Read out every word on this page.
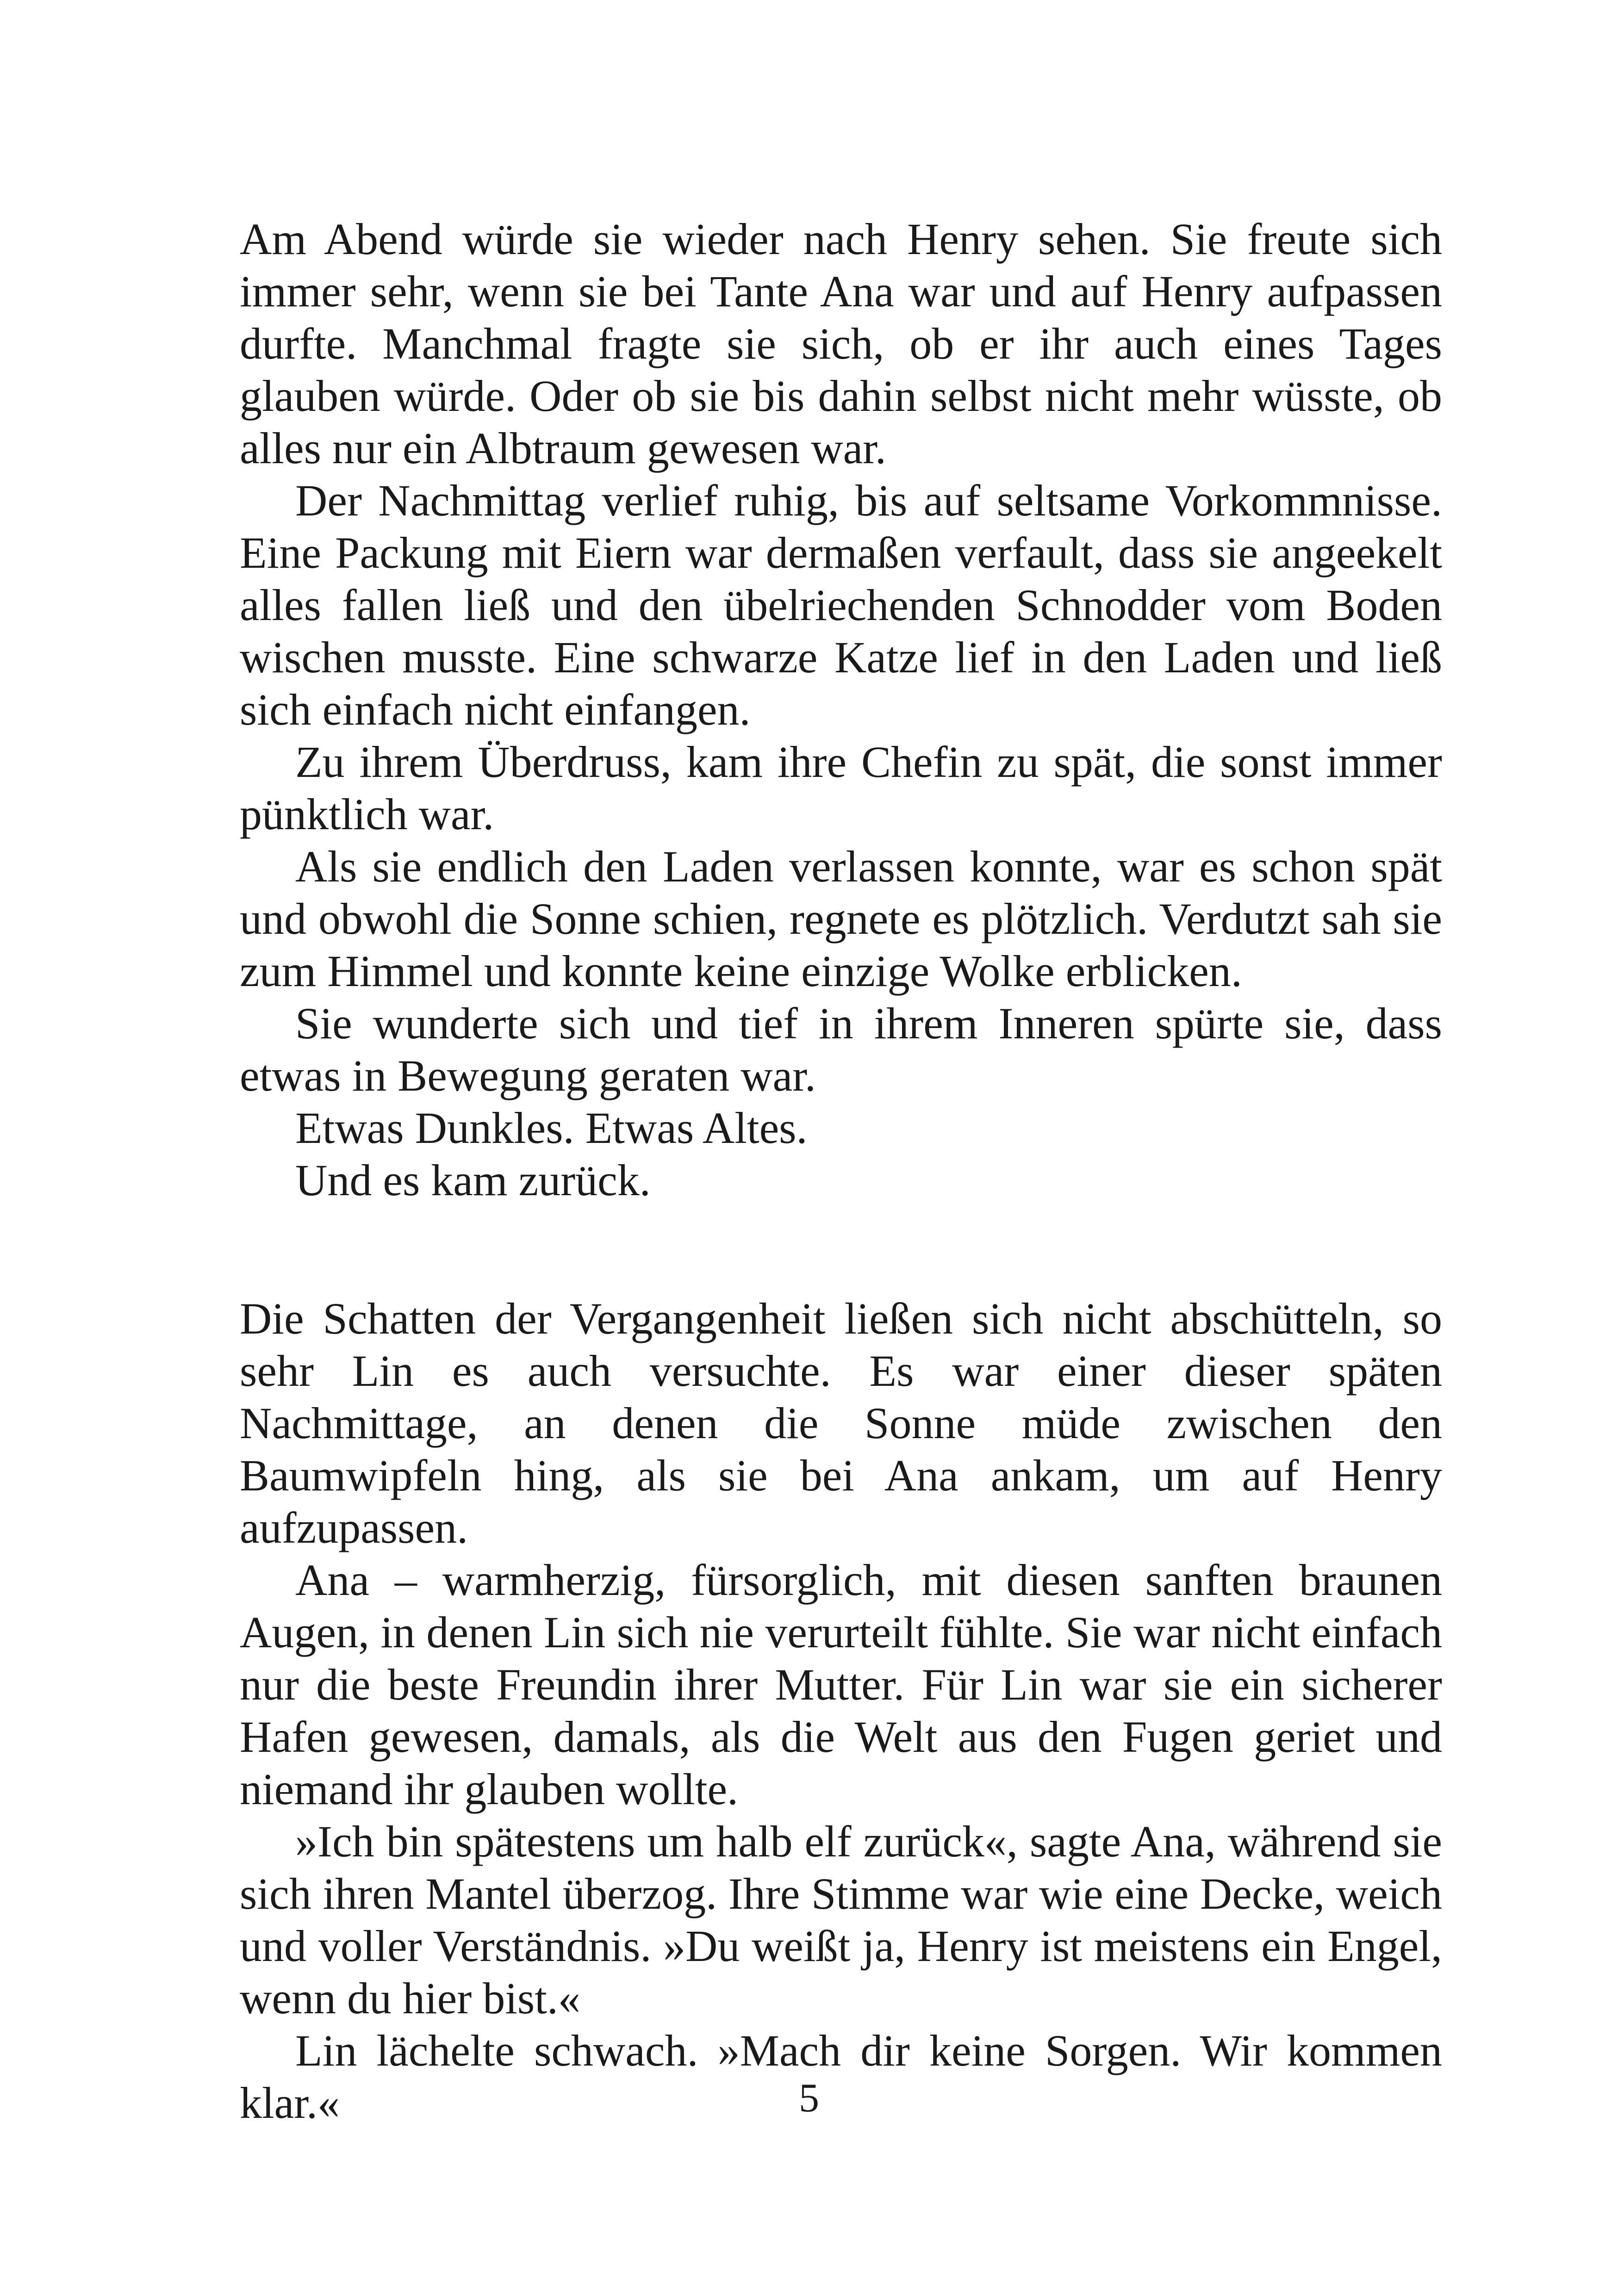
Am Abend würde sie wieder nach Henry sehen. Sie freute sich immer sehr, wenn sie bei Tante Ana war und auf Henry aufpassen durfte. Manchmal fragte sie sich, ob er ihr auch eines Tages glauben würde. Oder ob sie bis dahin selbst nicht mehr wüsste, ob alles nur ein Albtraum gewesen war.

Der Nachmittag verlief ruhig, bis auf seltsame Vorkommnisse. Eine Packung mit Eiern war dermaßen verfault, dass sie angeekelt alles fallen ließ und den übelriechenden Schnodder vom Boden wischen musste. Eine schwarze Katze lief in den Laden und ließ sich einfach nicht einfangen.

Zu ihrem Überdruss, kam ihre Chefin zu spät, die sonst immer pünktlich war.

Als sie endlich den Laden verlassen konnte, war es schon spät und obwohl die Sonne schien, regnete es plötzlich. Verdutzt sah sie zum Himmel und konnte keine einzige Wolke erblicken.

Sie wunderte sich und tief in ihrem Inneren spürte sie, dass etwas in Bewegung geraten war.

Etwas Dunkles. Etwas Altes.

Und es kam zurück.

Die Schatten der Vergangenheit ließen sich nicht abschütteln, so sehr Lin es auch versuchte. Es war einer dieser späten Nachmittage, an denen die Sonne müde zwischen den Baumwipfeln hing, als sie bei Ana ankam, um auf Henry aufzupassen.

Ana – warmherzig, fürsorglich, mit diesen sanften braunen Augen, in denen Lin sich nie verurteilt fühlte. Sie war nicht einfach nur die beste Freundin ihrer Mutter. Für Lin war sie ein sicherer Hafen gewesen, damals, als die Welt aus den Fugen geriet und niemand ihr glauben wollte.

»Ich bin spätestens um halb elf zurück«, sagte Ana, während sie sich ihren Mantel überzog. Ihre Stimme war wie eine Decke, weich und voller Verständnis. »Du weißt ja, Henry ist meistens ein Engel, wenn du hier bist.«

Lin lächelte schwach. »Mach dir keine Sorgen. Wir kommen klar.«	5
